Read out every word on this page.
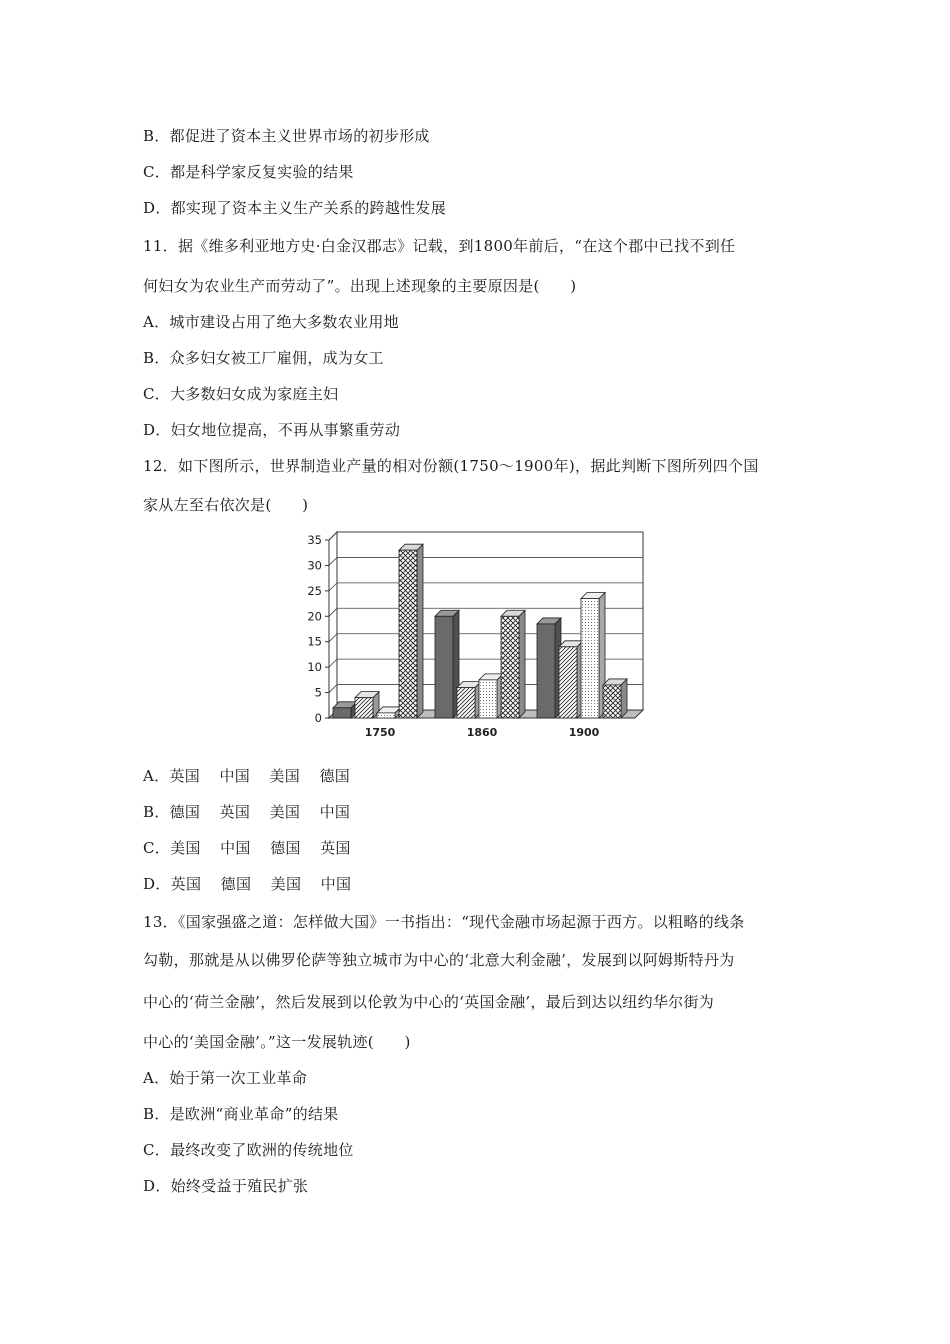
B．都促进了资本主义世界市场的初步形成
C．都是科学家反复实验的结果
D．都实现了资本主义生产关系的跨越性发展
11．据《维多利亚地方史·白金汉郡志》记载，到1800年前后，“在这个郡中已找不到任
何妇女为农业生产而劳动了”。出现上述现象的主要原因是(　　)
A．城市建设占用了绝大多数农业用地
B．众多妇女被工厂雇佣，成为女工
C．大多数妇女成为家庭主妇
D．妇女地位提高，不再从事繁重劳动
12．如下图所示，世界制造业产量的相对份额(1750～1900年)，据此判断下图所列四个国
家从左至右依次是(　　)
0
5
10
15
20
25
30
35
1750	1860	1900
A．英国 中国 美国 德国
B．德国 英国 美国 中国
C．美国 中国 德国 英国
D．英国 德国 美国 中国
13．《国家强盛之道：怎样做大国》一书指出：“现代金融市场起源于西方。以粗略的线条
勾勒，那就是从以佛罗伦萨等独立城市为中心的‘北意大利金融’，发展到以阿姆斯特丹为
中心的‘荷兰金融’，然后发展到以伦敦为中心的‘英国金融’，最后到达以纽约华尔街为
中心的‘美国金融’。”这一发展轨迹(　　)
A．始于第一次工业革命
B．是欧洲“商业革命”的结果
C．最终改变了欧洲的传统地位
D．始终受益于殖民扩张
